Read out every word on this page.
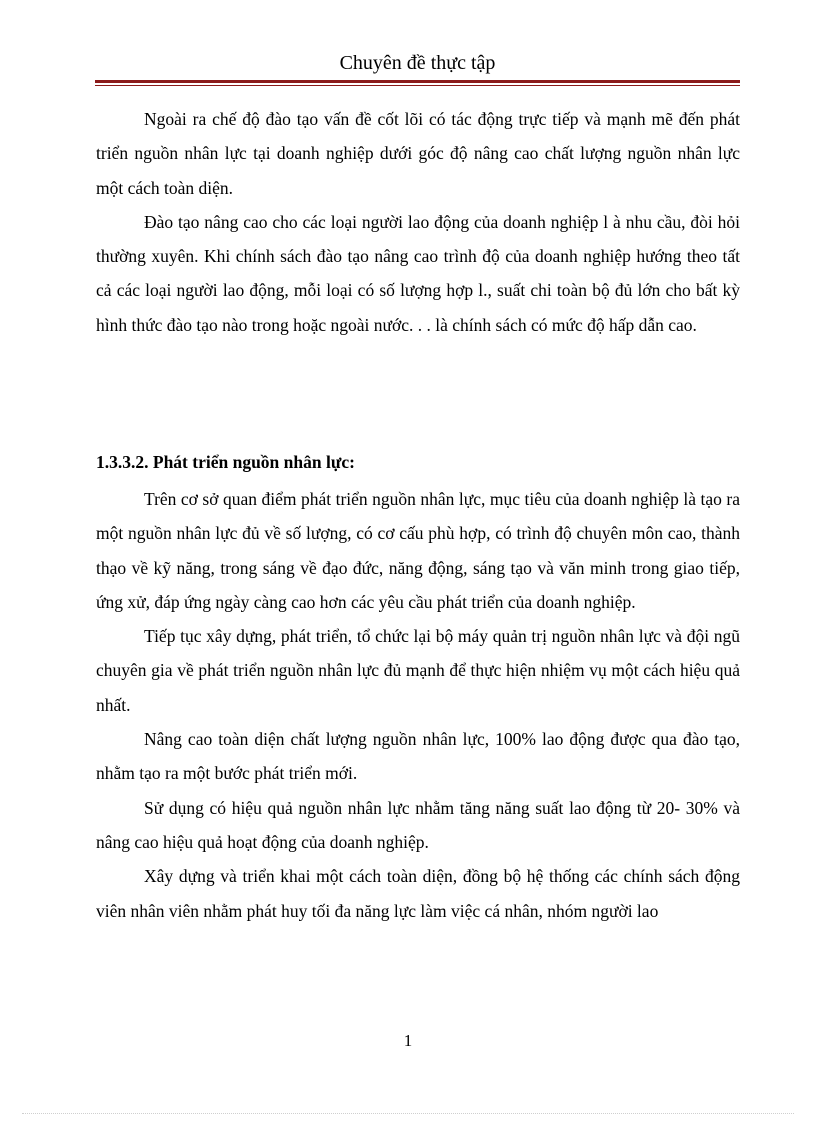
Chuyên đề thực tập

Ngoài ra chế độ đào tạo vấn đề cốt lõi có tác động trực tiếp và mạnh mẽ đến phát triển nguồn nhân lực tại doanh nghiệp dưới góc độ nâng cao chất lượng nguồn nhân lực một cách toàn diện.

Đào tạo nâng cao cho các loại người lao động của doanh nghiệp l à nhu cầu, đòi hỏi thường xuyên. Khi chính sách đào tạo nâng cao trình độ của doanh nghiệp hướng theo tất cả các loại người lao động, mỗi loại có số lượng hợp l., suất chi toàn bộ đủ lớn cho bất kỳ hình thức đào tạo nào trong hoặc ngoài nước. . . là chính sách có mức độ hấp dẫn cao.

1.3.3.2. Phát triển nguồn nhân lực:

Trên cơ sở quan điểm phát triển nguồn nhân lực, mục tiêu của doanh nghiệp là tạo ra một nguồn nhân lực đủ về số lượng, có cơ cấu phù hợp, có trình độ chuyên môn cao, thành thạo về kỹ năng, trong sáng về đạo đức, năng động, sáng tạo và văn minh trong giao tiếp, ứng xử, đáp ứng ngày càng cao hơn các yêu cầu phát triển của doanh nghiệp.

Tiếp tục xây dựng, phát triển, tổ chức lại bộ máy quản trị nguồn nhân lực và đội ngũ chuyên gia về phát triển nguồn nhân lực đủ mạnh để thực hiện nhiệm vụ một cách hiệu quả nhất.

Nâng cao toàn diện chất lượng nguồn nhân lực, 100% lao động được qua đào tạo, nhằm tạo ra một bước phát triển mới.

Sử dụng có hiệu quả nguồn nhân lực nhằm tăng năng suất lao động từ 20- 30% và nâng cao hiệu quả hoạt động của doanh nghiệp.

Xây dựng và triển khai một cách toàn diện, đồng bộ hệ thống các chính sách động viên nhân viên nhằm phát huy tối đa năng lực làm việc cá nhân, nhóm người lao

1
